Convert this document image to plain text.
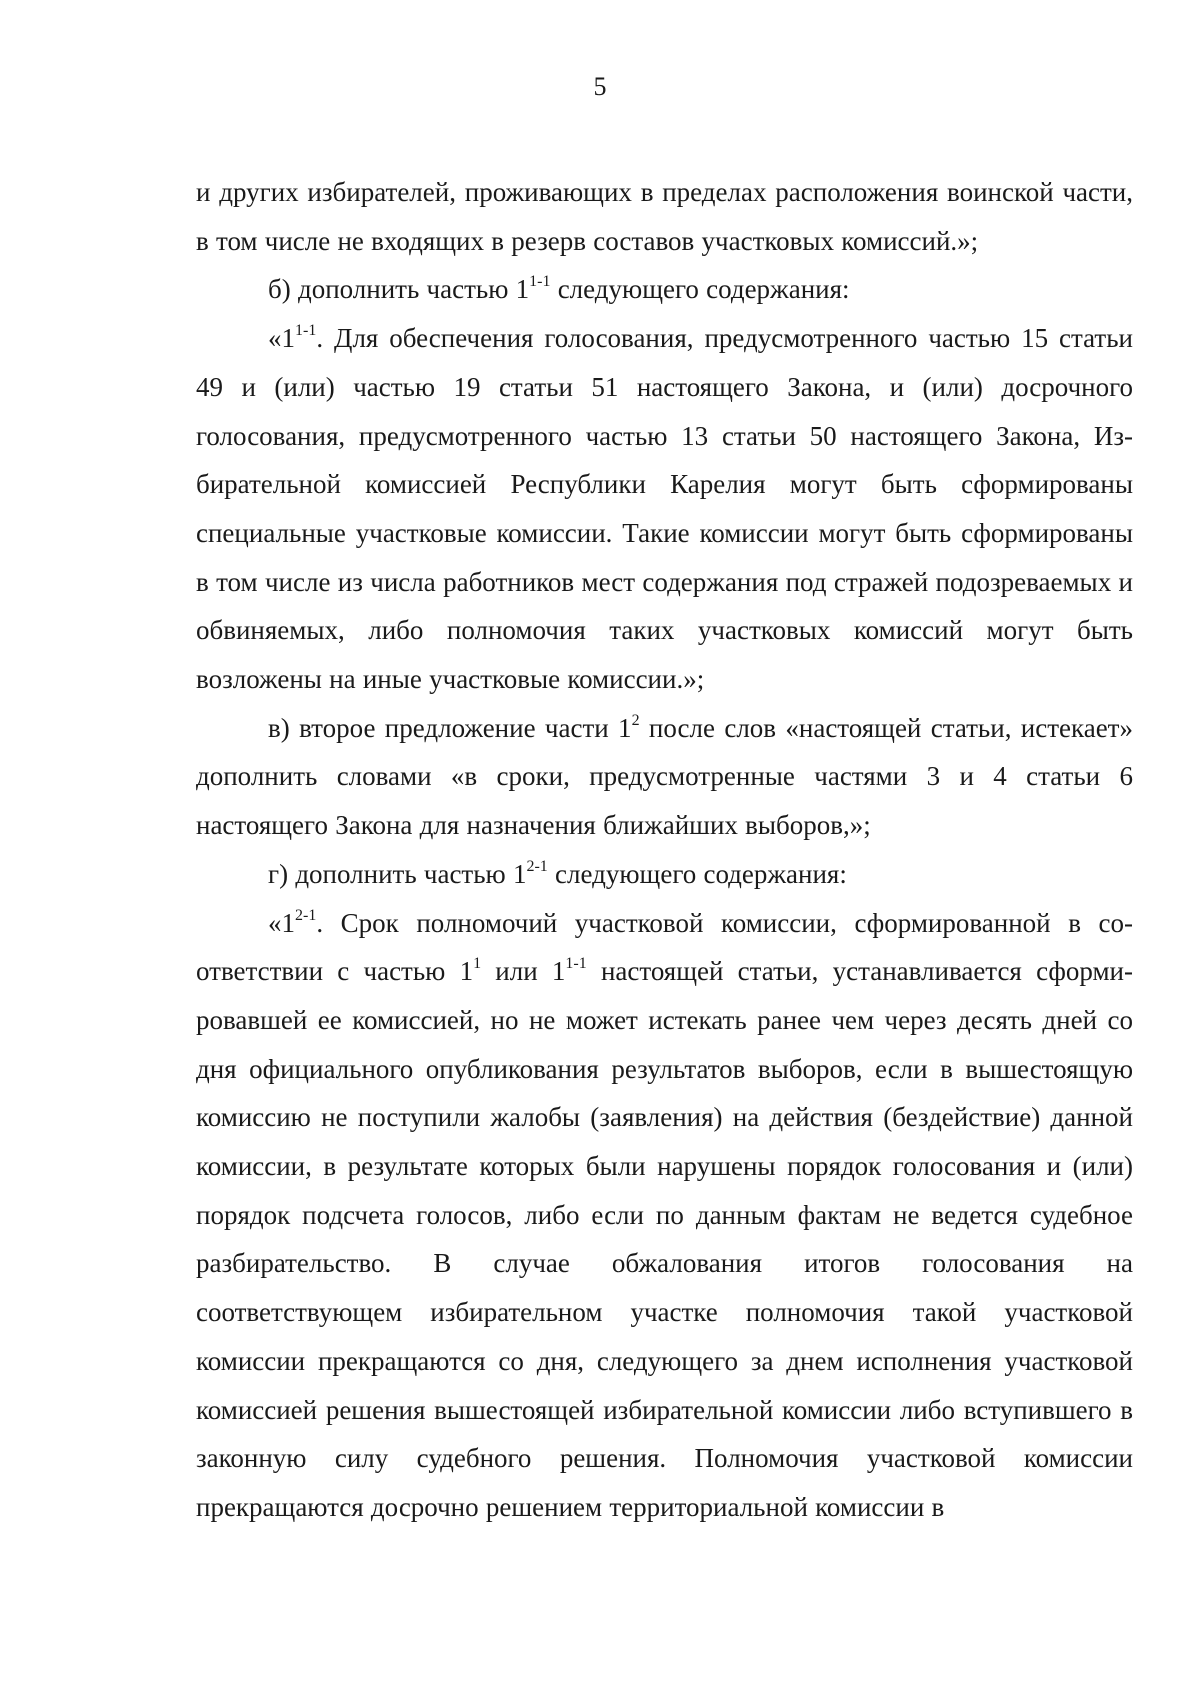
5

и других избирателей, проживающих в пределах расположения воинской части, в том числе не входящих в резерв составов участковых комиссий.»;

б) дополнить частью 1$^{1-1}$ следующего содержания:

«1$^{1-1}$. Для обеспечения голосования, предусмотренного частью 15 статьи 49 и (или) частью 19 статьи 51 настоящего Закона, и (или) досрочного голосования, предусмотренного частью 13 статьи 50 настоящего Закона, Избирательной комиссией Республики Карелия могут быть сформированы специальные участковые комиссии. Такие комиссии могут быть сформированы в том числе из числа работников мест содержания под стражей подозреваемых и обвиняемых, либо полномочия таких участковых комиссий могут быть возложены на иные участковые комиссии.»;

в) второе предложение части $1^2$ после слов «настоящей статьи, истекает» дополнить словами «в сроки, предусмотренные частями 3 и 4 статьи 6 настоящего Закона для назначения ближайших выборов,»;

г) дополнить частью 1$^{2-1}$ следующего содержания:

«1$^{2-1}$. Срок полномочий участковой комиссии, сформированной в соответствии с частью $1^1$ или 1$^{1-1}$ настоящей статьи, устанавливается сформировавшей ее комиссией, но не может истекать ранее чем через десять дней со дня официального опубликования результатов выборов, если в вышестоящую комиссию не поступили жалобы (заявления) на действия (бездействие) данной комиссии, в результате которых были нарушены порядок голосования и (или) порядок подсчета голосов, либо если по данным фактам не ведется судебное разбирательство. В случае обжалования итогов голосования на соответствующем избирательном участке полномочия такой участковой комиссии прекращаются со дня, следующего за днем исполнения участковой комиссией решения вышестоящей избирательной комиссии либо вступившего в законную силу судебного решения. Полномочия участковой комиссии прекращаются досрочно решением территориальной комиссии в
